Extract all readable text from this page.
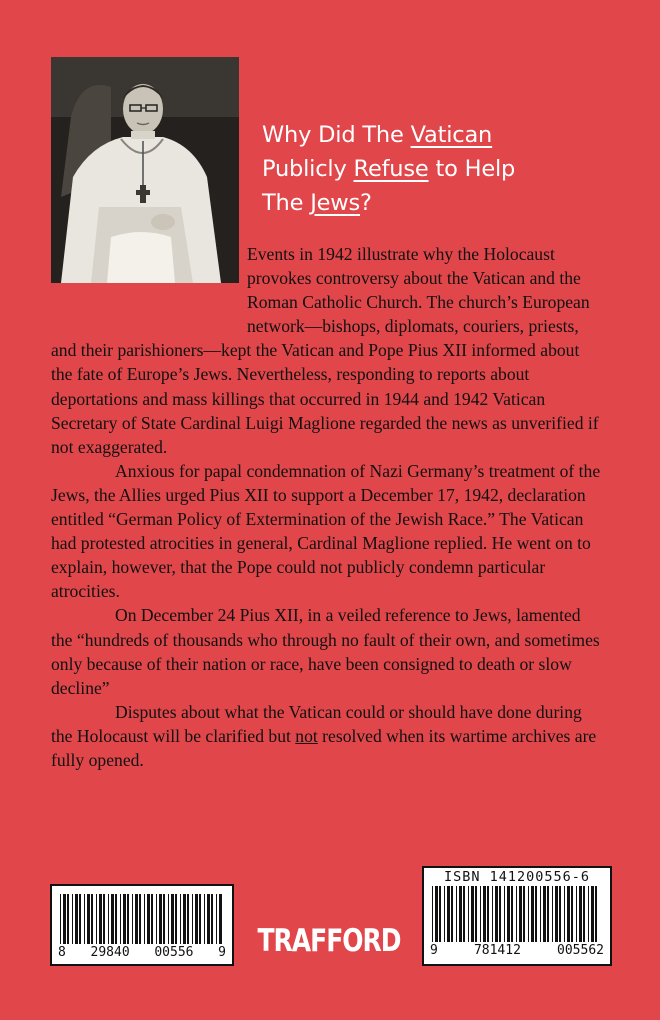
Why Did The Vatican
Publicly Refuse to Help
The Jews?

Events in 1942 illustrate why the Holocaust provokes controversy about the Vatican and the Roman Catholic Church. The church’s European network—bishops, diplomats, couriers, priests, and their parishioners—kept the Vatican and Pope Pius XII informed about the fate of Europe’s Jews. Nevertheless, responding to reports about deportations and mass killings that occurred in 1944 and 1942 Vatican Secretary of State Cardinal Luigi Maglione regarded the news as unverified if not exaggerated.

Anxious for papal condemnation of Nazi Germany’s treatment of the Jews, the Allies urged Pius XII to support a December 17, 1942, declaration entitled “German Policy of Extermination of the Jewish Race.” The Vatican had protested atrocities in general, Cardinal Maglione replied. He went on to explain, however, that the Pope could not publicly condemn particular atrocities.

On December 24 Pius XII, in a veiled reference to Jews, lamented the “hundreds of thousands who through no fault of their own, and sometimes only because of their nation or race, have been consigned to death or slow decline”

Disputes about what the Vatican could or should have done during the Holocaust will be clarified but not resolved when its wartime archives are fully opened.

8 29840 00556 9 TRAFFORD
ISBN 141200556-6
9	781412	005562
